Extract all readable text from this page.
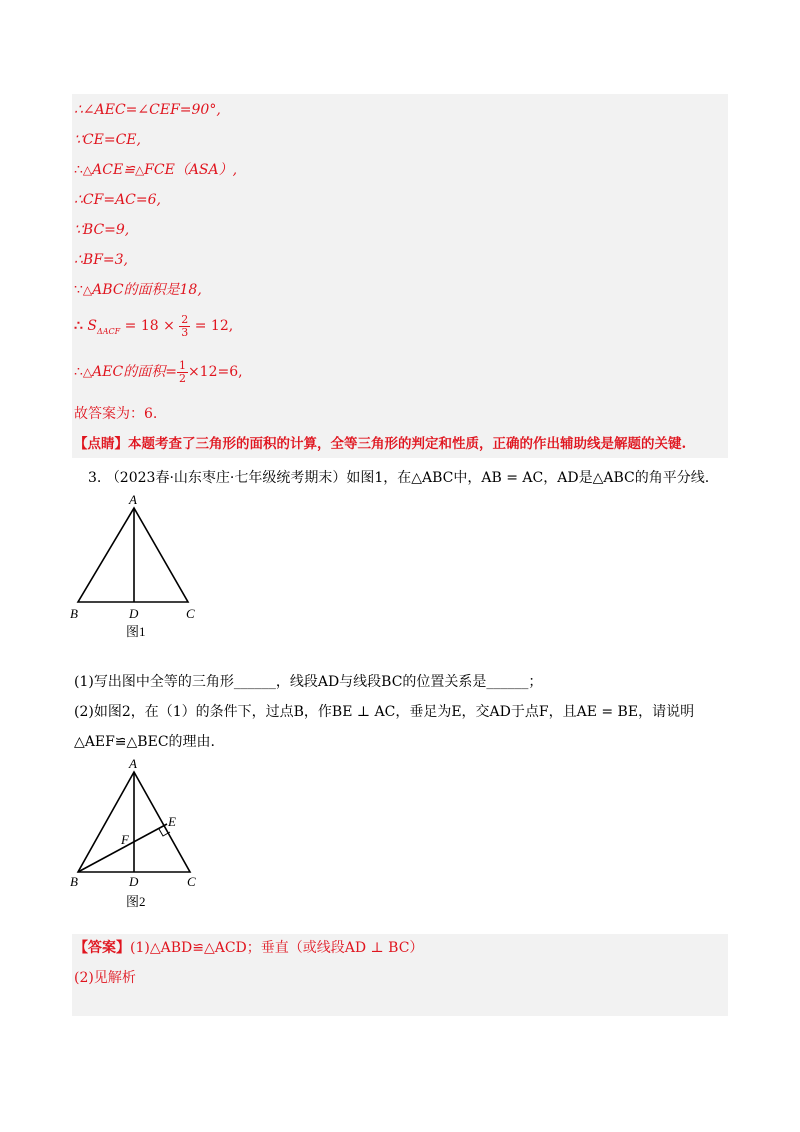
∴∠AEC=∠CEF=90°,
∵CE=CE,
∴△ACE≌△FCE（ASA）,
∴CF=AC=6,
∵BC=9,
∴BF=3,
∵△ABC的面积是18,
∴ $S_{\Delta ACF} = 18 \times \frac{2}{3} = 12$,
∴△AEC的面积= $\frac{1}{2} \times 12=6$,
故答案为：6.
【点睛】本题考查了三角形的面积的计算，全等三角形的判定和性质，正确的作出辅助线是解题的关键.
3. （2023春·山东枣庄·七年级统考期末）如图1，在△ABC中，AB = AC，AD是△ABC的角平分线.
A
B	D	C
图1
(1)写出图中全等的三角形______，线段AD与线段BC的位置关系是______；
(2)如图2，在（1）的条件下，过点B，作BE ⊥ AC，垂足为E，交AD于点F，且AE = BE，请说明
△AEF≌△BEC的理由.
A
E
F
B	D	C
图2
【答案】(1)△ABD≌△ACD；垂直（或线段AD ⊥ BC）
(2)见解析
